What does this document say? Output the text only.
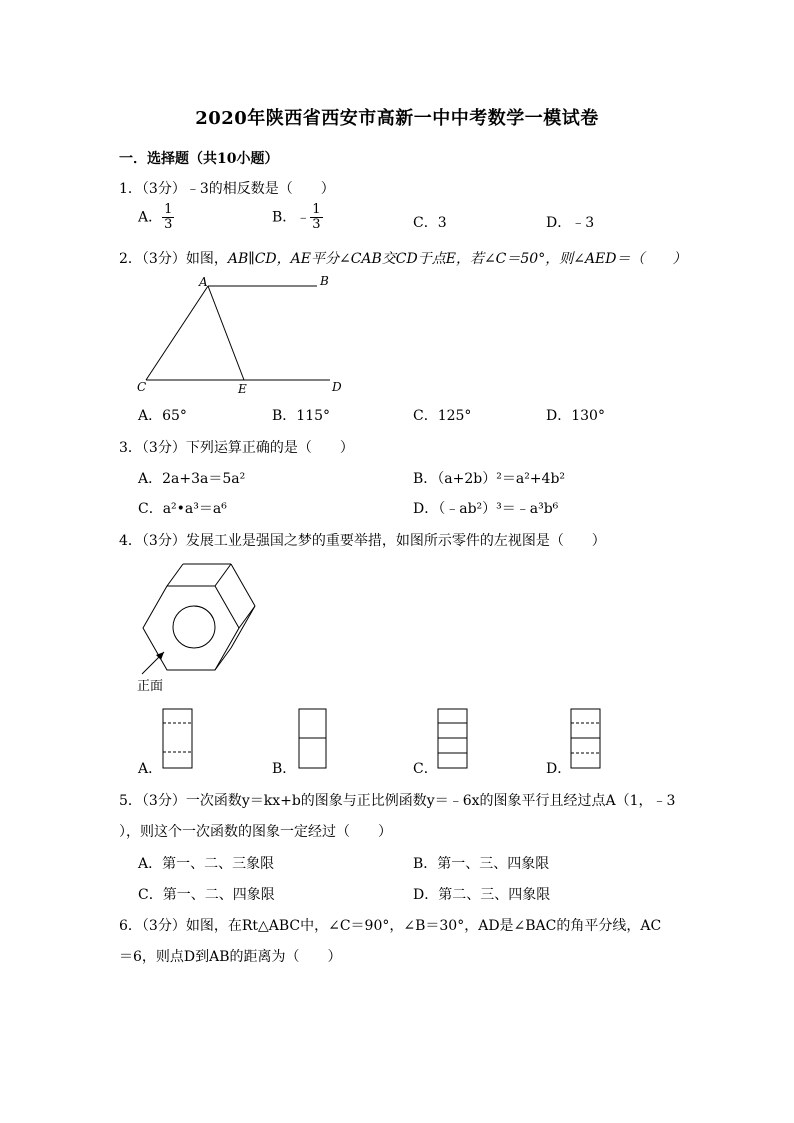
2020年陕西省西安市高新一中中考数学一模试卷
一．选择题（共10小题）
1．（3分）﹣3的相反数是（　　）
A． $\frac{1}{3}$	B．﹣ $\frac{1}{3}$	C．3	D．﹣3
2．（3分）如图，AB∥CD，AE平分∠CAB交CD于点E，若∠C＝50°，则∠AED＝（　　）
A	B
C	E	D
A．65°	B．115°	C．125°	D．130°
3．（3分）下列运算正确的是（　　）
A．2a+3a＝5a²	B．（a+2b）²＝a²+4b²
C．a²•a³＝a⁶	D．（﹣ab²）³＝﹣a³b⁶
4．（3分）发展工业是强国之梦的重要举措，如图所示零件的左视图是（　　）
正面
A．	B．	C．	D．
5．（3分）一次函数y＝kx+b的图象与正比例函数y＝﹣6x的图象平行且经过点A（1，﹣3
），则这个一次函数的图象一定经过（　　）
A．第一、二、三象限	B．第一、三、四象限
C．第一、二、四象限	D．第二、三、四象限
6．（3分）如图，在Rt△ABC中，∠C＝90°，∠B＝30°，AD是∠BAC的角平分线，AC
＝6，则点D到AB的距离为（　　）
